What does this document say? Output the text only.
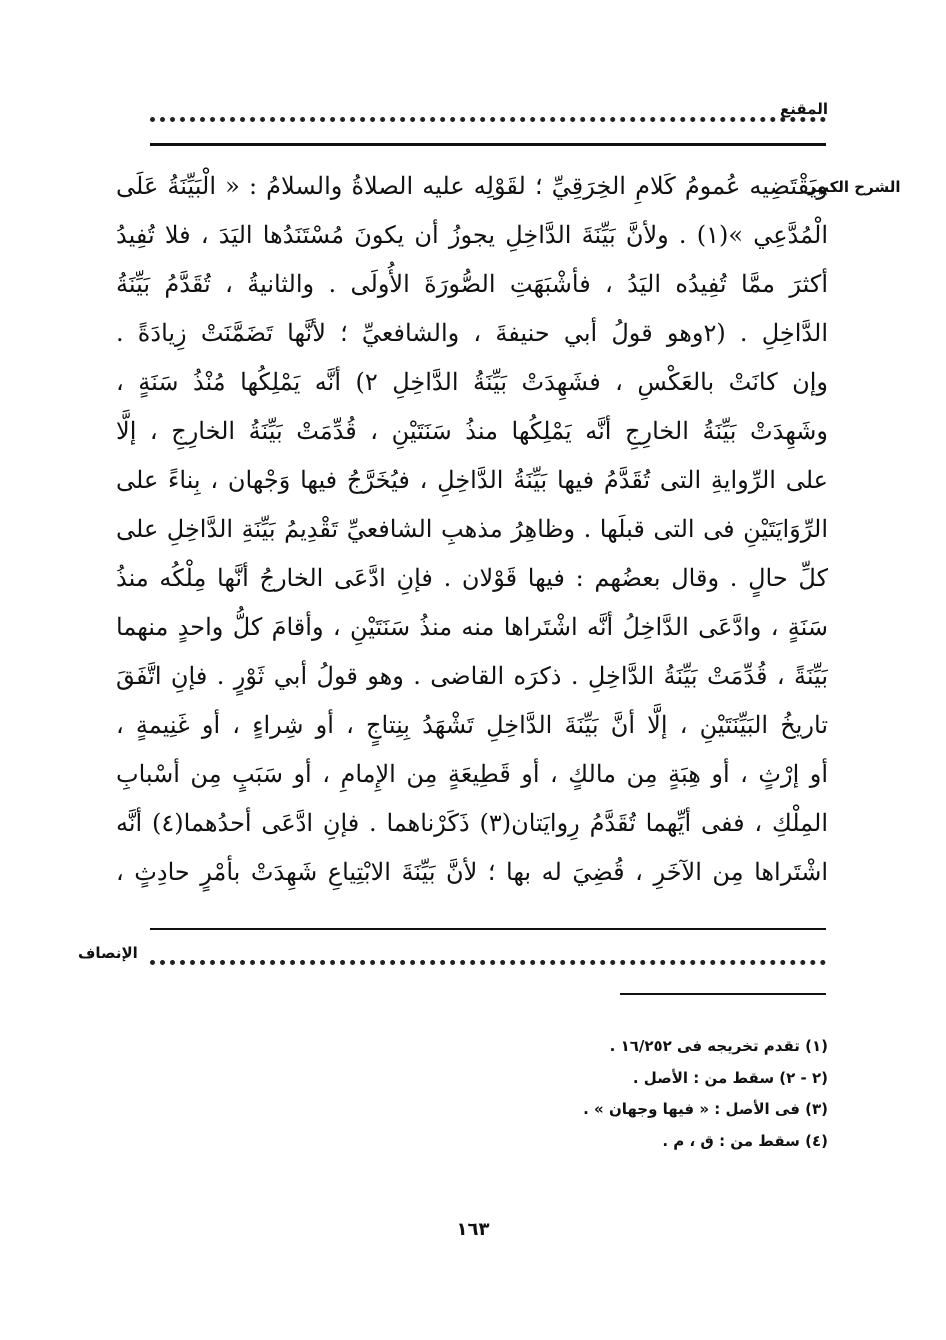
المقنع
الشرح الكبير
ويَقْتَضِيه عُمومُ كَلامِ الخِرَقِيِّ ؛ لقَوْلِه عليه الصلاةُ والسلامُ : « الْبَيِّنَةُ عَلَى
الْمُدَّعِي »(١) . ولأنَّ بَيِّنَةَ الدَّاخِلِ يجوزُ أن يكونَ مُسْتَنَدُها اليَدَ ، فلا تُفِيدُ
أكثرَ ممَّا تُفِيدُه اليَدُ ، فأشْبَهَتِ الصُّورَةَ الأُولَى . والثانيةُ ، تُقَدَّمُ بَيِّنَةُ
الدَّاخِلِ . (٢وهو قولُ أبي حنيفةَ ، والشافعيِّ ؛ لأنَّها تَضَمَّنَتْ زِيادَةً .
وإن كانَتْ بالعَكْسِ ، فشَهِدَتْ بَيِّنَةُ الدَّاخِلِ ٢) أنَّه يَمْلِكُها مُنْذُ سَنَةٍ ،
وشَهِدَتْ بَيِّنَةُ الخارِجِ أنَّه يَمْلِكُها منذُ سَنَتَيْنِ ، قُدِّمَتْ بَيِّنَةُ الخارِجِ ، إلَّا
على الرِّوايةِ التى تُقَدَّمُ فيها بَيِّنَةُ الدَّاخِلِ ، فيُخَرَّجُ فيها وَجْهان ، بِناءً على
الرِّوَايَتَيْنِ فى التى قبلَها . وظاهِرُ مذهبِ الشافعيِّ تَقْدِيمُ بَيِّنَةِ الدَّاخِلِ على
كلِّ حالٍ . وقال بعضُهم : فيها قَوْلان . فإنِ ادَّعَى الخارجُ أنَّها مِلْكُه منذُ
سَنَةٍ ، وادَّعَى الدَّاخِلُ أنَّه اشْتَراها منه منذُ سَنَتَيْنِ ، وأقامَ كلُّ واحدٍ منهما
بَيِّنَةً ، قُدِّمَتْ بَيِّنَةُ الدَّاخِلِ . ذكرَه القاضى . وهو قولُ أبي ثَوْرٍ . فإنِ اتَّفَقَ
تاريخُ البَيِّنَتَيْنِ ، إلَّا أنَّ بَيِّنَةَ الدَّاخِلِ تَشْهَدُ بِنِتاجٍ ، أو شِراءٍ ، أو غَنِيمةٍ ،
أو إرْثٍ ، أو هِبَةٍ مِن مالكٍ ، أو قَطِيعَةٍ مِن الإِمامِ ، أو سَبَبٍ مِن أسْبابِ
المِلْكِ ، ففى أيِّهما تُقَدَّمُ رِوايَتان(٣) ذَكَرْناهما . فإنِ ادَّعَى أحدُهما(٤) أنَّه
اشْتَراها مِن الآخَرِ ، قُضِيَ له بها ؛ لأنَّ بَيِّنَةَ الابْتِياعِ شَهِدَتْ بأمْرٍ حادِثٍ ،
الإنصاف
(١) تقدم تخريجه فى ١٦/٢٥٢ .
(٢ - ٢) سقط من : الأصل .
(٣) فى الأصل : « فيها وجهان » .
(٤) سقط من : ق ، م .
١٦٣
